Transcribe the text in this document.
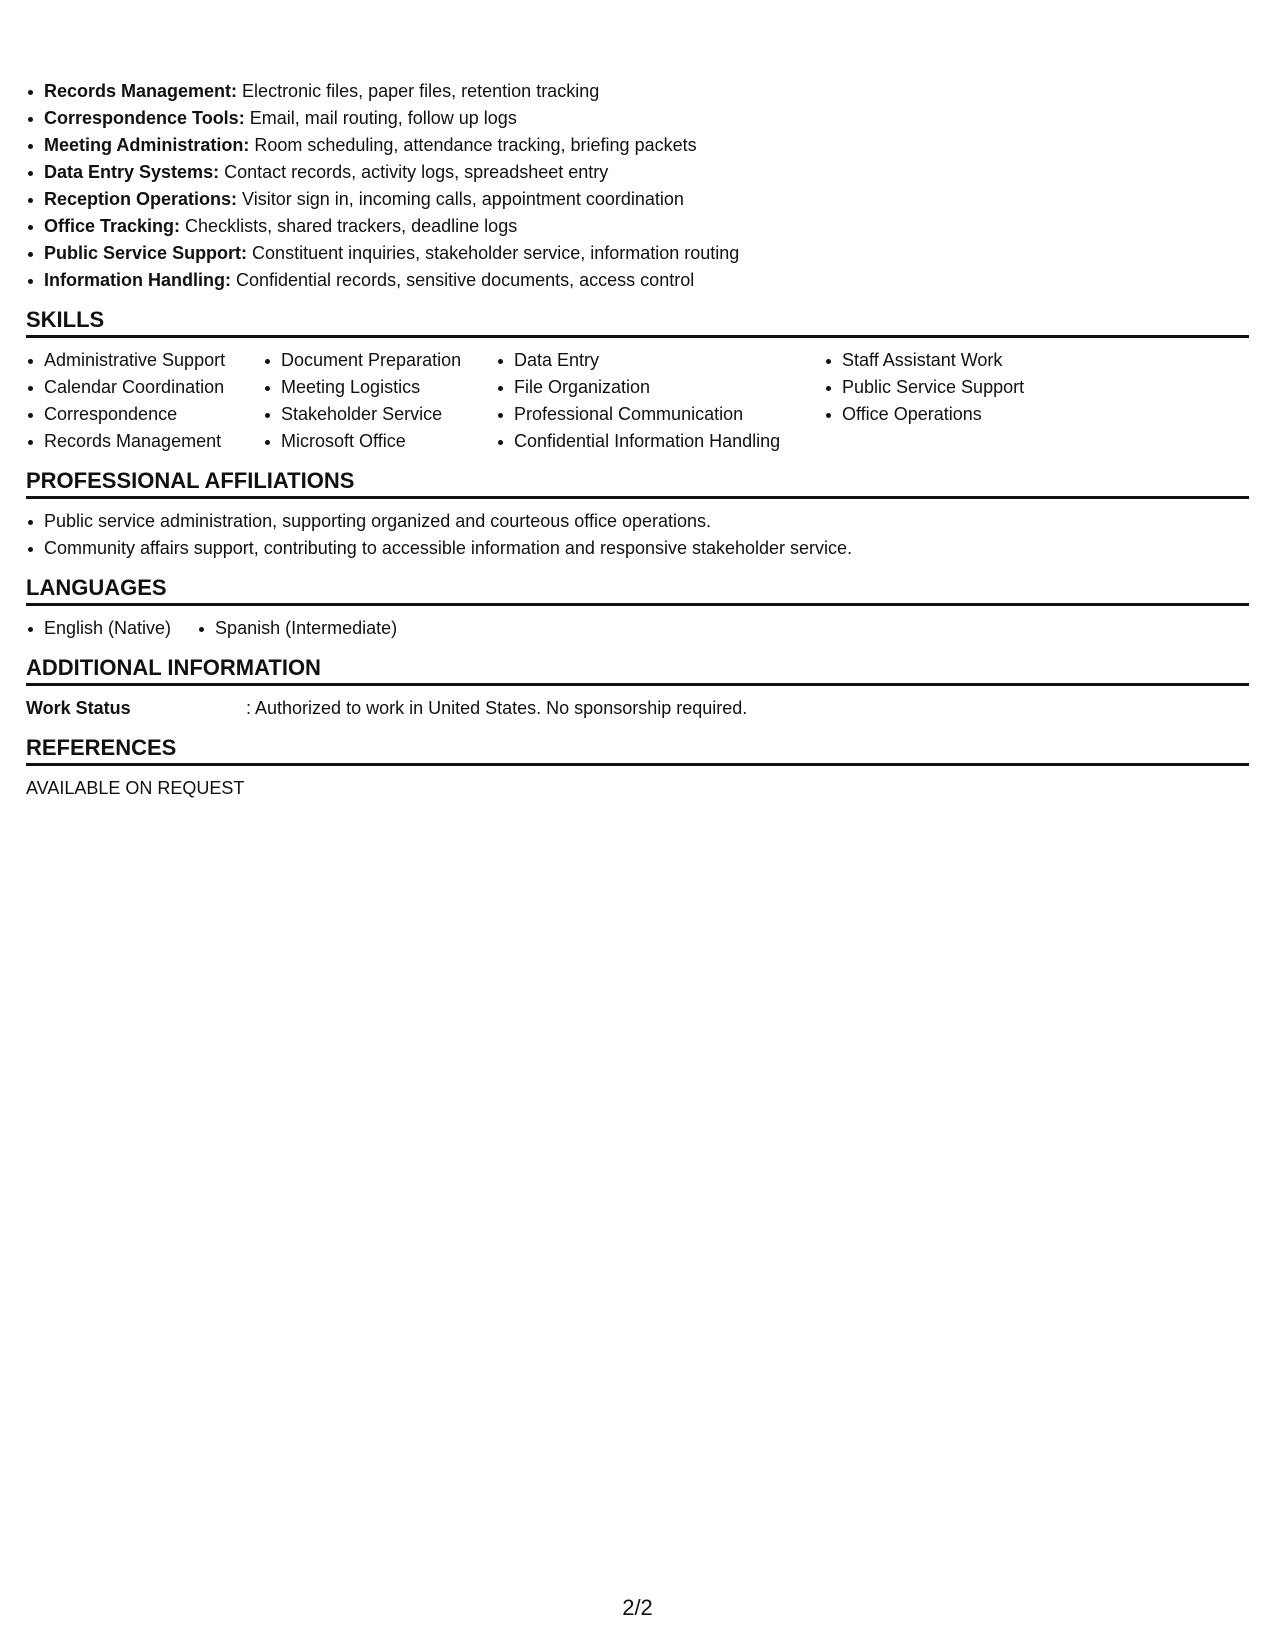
Records Management: Electronic files, paper files, retention tracking
Correspondence Tools: Email, mail routing, follow up logs
Meeting Administration: Room scheduling, attendance tracking, briefing packets
Data Entry Systems: Contact records, activity logs, spreadsheet entry
Reception Operations: Visitor sign in, incoming calls, appointment coordination
Office Tracking: Checklists, shared trackers, deadline logs
Public Service Support: Constituent inquiries, stakeholder service, information routing
Information Handling: Confidential records, sensitive documents, access control
SKILLS
Administrative Support
Calendar Coordination
Correspondence
Records Management
Document Preparation
Meeting Logistics
Stakeholder Service
Microsoft Office
Data Entry
File Organization
Professional Communication
Confidential Information Handling
Staff Assistant Work
Public Service Support
Office Operations
PROFESSIONAL AFFILIATIONS
Public service administration, supporting organized and courteous office operations.
Community affairs support, contributing to accessible information and responsive stakeholder service.
LANGUAGES
English (Native)	Spanish (Intermediate)
ADDITIONAL INFORMATION
Work Status	: Authorized to work in United States. No sponsorship required.
REFERENCES
AVAILABLE ON REQUEST
2/2
